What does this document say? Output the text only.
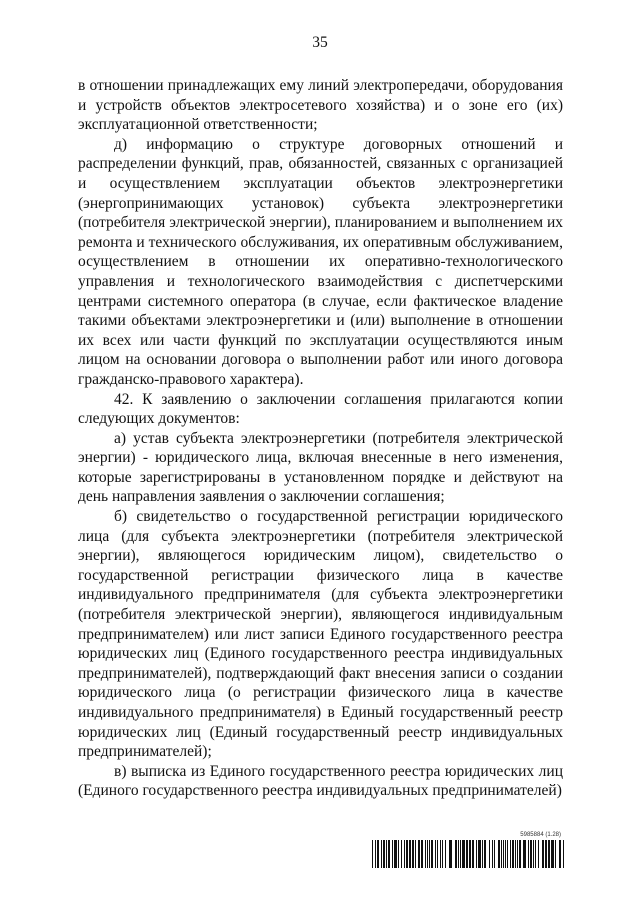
35

в отношении принадлежащих ему линий электропередачи, оборудования и устройств объектов электросетевого хозяйства) и о зоне его (их) эксплуатационной ответственности;

д) информацию о структуре договорных отношений и распределении функций, прав, обязанностей, связанных с организацией и осуществлением эксплуатации объектов электроэнергетики (энергопринимающих установок) субъекта электроэнергетики (потребителя электрической энергии), планированием и выполнением их ремонта и технического обслуживания, их оперативным обслуживанием, осуществлением в отношении их оперативно-технологического управления и технологического взаимодействия с диспетчерскими центрами системного оператора (в случае, если фактическое владение такими объектами электроэнергетики и (или) выполнение в отношении их всех или части функций по эксплуатации осуществляются иным лицом на основании договора о выполнении работ или иного договора гражданско-правового характера).

42. К заявлению о заключении соглашения прилагаются копии следующих документов:

а) устав субъекта электроэнергетики (потребителя электрической энергии) - юридического лица, включая внесенные в него изменения, которые зарегистрированы в установленном порядке и действуют на день направления заявления о заключении соглашения;

б) свидетельство о государственной регистрации юридического лица (для субъекта электроэнергетики (потребителя электрической энергии), являющегося юридическим лицом), свидетельство о государственной регистрации физического лица в качестве индивидуального предпринимателя (для субъекта электроэнергетики (потребителя электрической энергии), являющегося индивидуальным предпринимателем) или лист записи Единого государственного реестра юридических лиц (Единого государственного реестра индивидуальных предпринимателей), подтверждающий факт внесения записи о создании юридического лица (о регистрации физического лица в качестве индивидуального предпринимателя) в Единый государственный реестр юридических лиц (Единый государственный реестр индивидуальных предпринимателей);

в) выписка из Единого государственного реестра юридических лиц (Единого государственного реестра индивидуальных предпринимателей)

5985884 (1.28)
